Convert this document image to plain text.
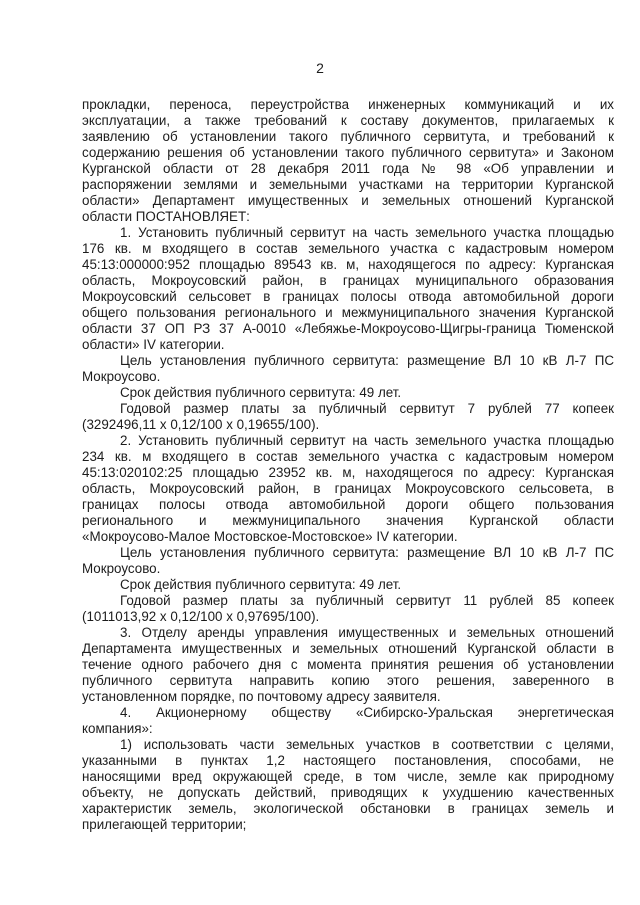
2
прокладки, переноса, переустройства инженерных коммуникаций и их
эксплуатации, а также требований к составу документов, прилагаемых к
заявлению об установлении такого публичного сервитута, и требований к
содержанию решения об установлении такого публичного сервитута» и Законом
Курганской области от 28 декабря 2011 года № 98 «Об управлении и
распоряжении землями и земельными участками на территории Курганской
области» Департамент имущественных и земельных отношений Курганской
области ПОСТАНОВЛЯЕТ:
1. Установить публичный сервитут на часть земельного участка площадью
176 кв. м входящего в состав земельного участка с кадастровым номером
45:13:000000:952 площадью 89543 кв. м, находящегося по адресу: Курганская
область, Мокроусовский район, в границах муниципального образования
Мокроусовский сельсовет в границах полосы отвода автомобильной дороги
общего пользования регионального и межмуниципального значения Курганской
области 37 ОП РЗ 37 А-0010 «Лебяжье-Мокроусово-Щигры-граница Тюменской
области» IV категории.
Цель установления публичного сервитута: размещение ВЛ 10 кВ Л-7 ПС
Мокроусово.
Срок действия публичного сервитута: 49 лет.
Годовой размер платы за публичный сервитут 7 рублей 77 копеек
(3292496,11 х 0,12/100 х 0,19655/100).
2. Установить публичный сервитут на часть земельного участка площадью
234 кв. м входящего в состав земельного участка с кадастровым номером
45:13:020102:25 площадью 23952 кв. м, находящегося по адресу: Курганская
область, Мокроусовский район, в границах Мокроусовского сельсовета, в
границах полосы отвода автомобильной дороги общего пользования
регионального и межмуниципального значения Курганской области
«Мокроусово-Малое Мостовское-Мостовское» IV категории.
Цель установления публичного сервитута: размещение ВЛ 10 кВ Л-7 ПС
Мокроусово.
Срок действия публичного сервитута: 49 лет.
Годовой размер платы за публичный сервитут 11 рублей 85 копеек
(1011013,92 х 0,12/100 х 0,97695/100).
3. Отделу аренды управления имущественных и земельных отношений
Департамента имущественных и земельных отношений Курганской области в
течение одного рабочего дня с момента принятия решения об установлении
публичного сервитута направить копию этого решения, заверенного в
установленном порядке, по почтовому адресу заявителя.
4. Акционерному обществу «Сибирско-Уральская энергетическая
компания»:
1) использовать части земельных участков в соответствии с целями,
указанными в пунктах 1,2 настоящего постановления, способами, не
наносящими вред окружающей среде, в том числе, земле как природному
объекту, не допускать действий, приводящих к ухудшению качественных
характеристик земель, экологической обстановки в границах земель и
прилегающей территории;
